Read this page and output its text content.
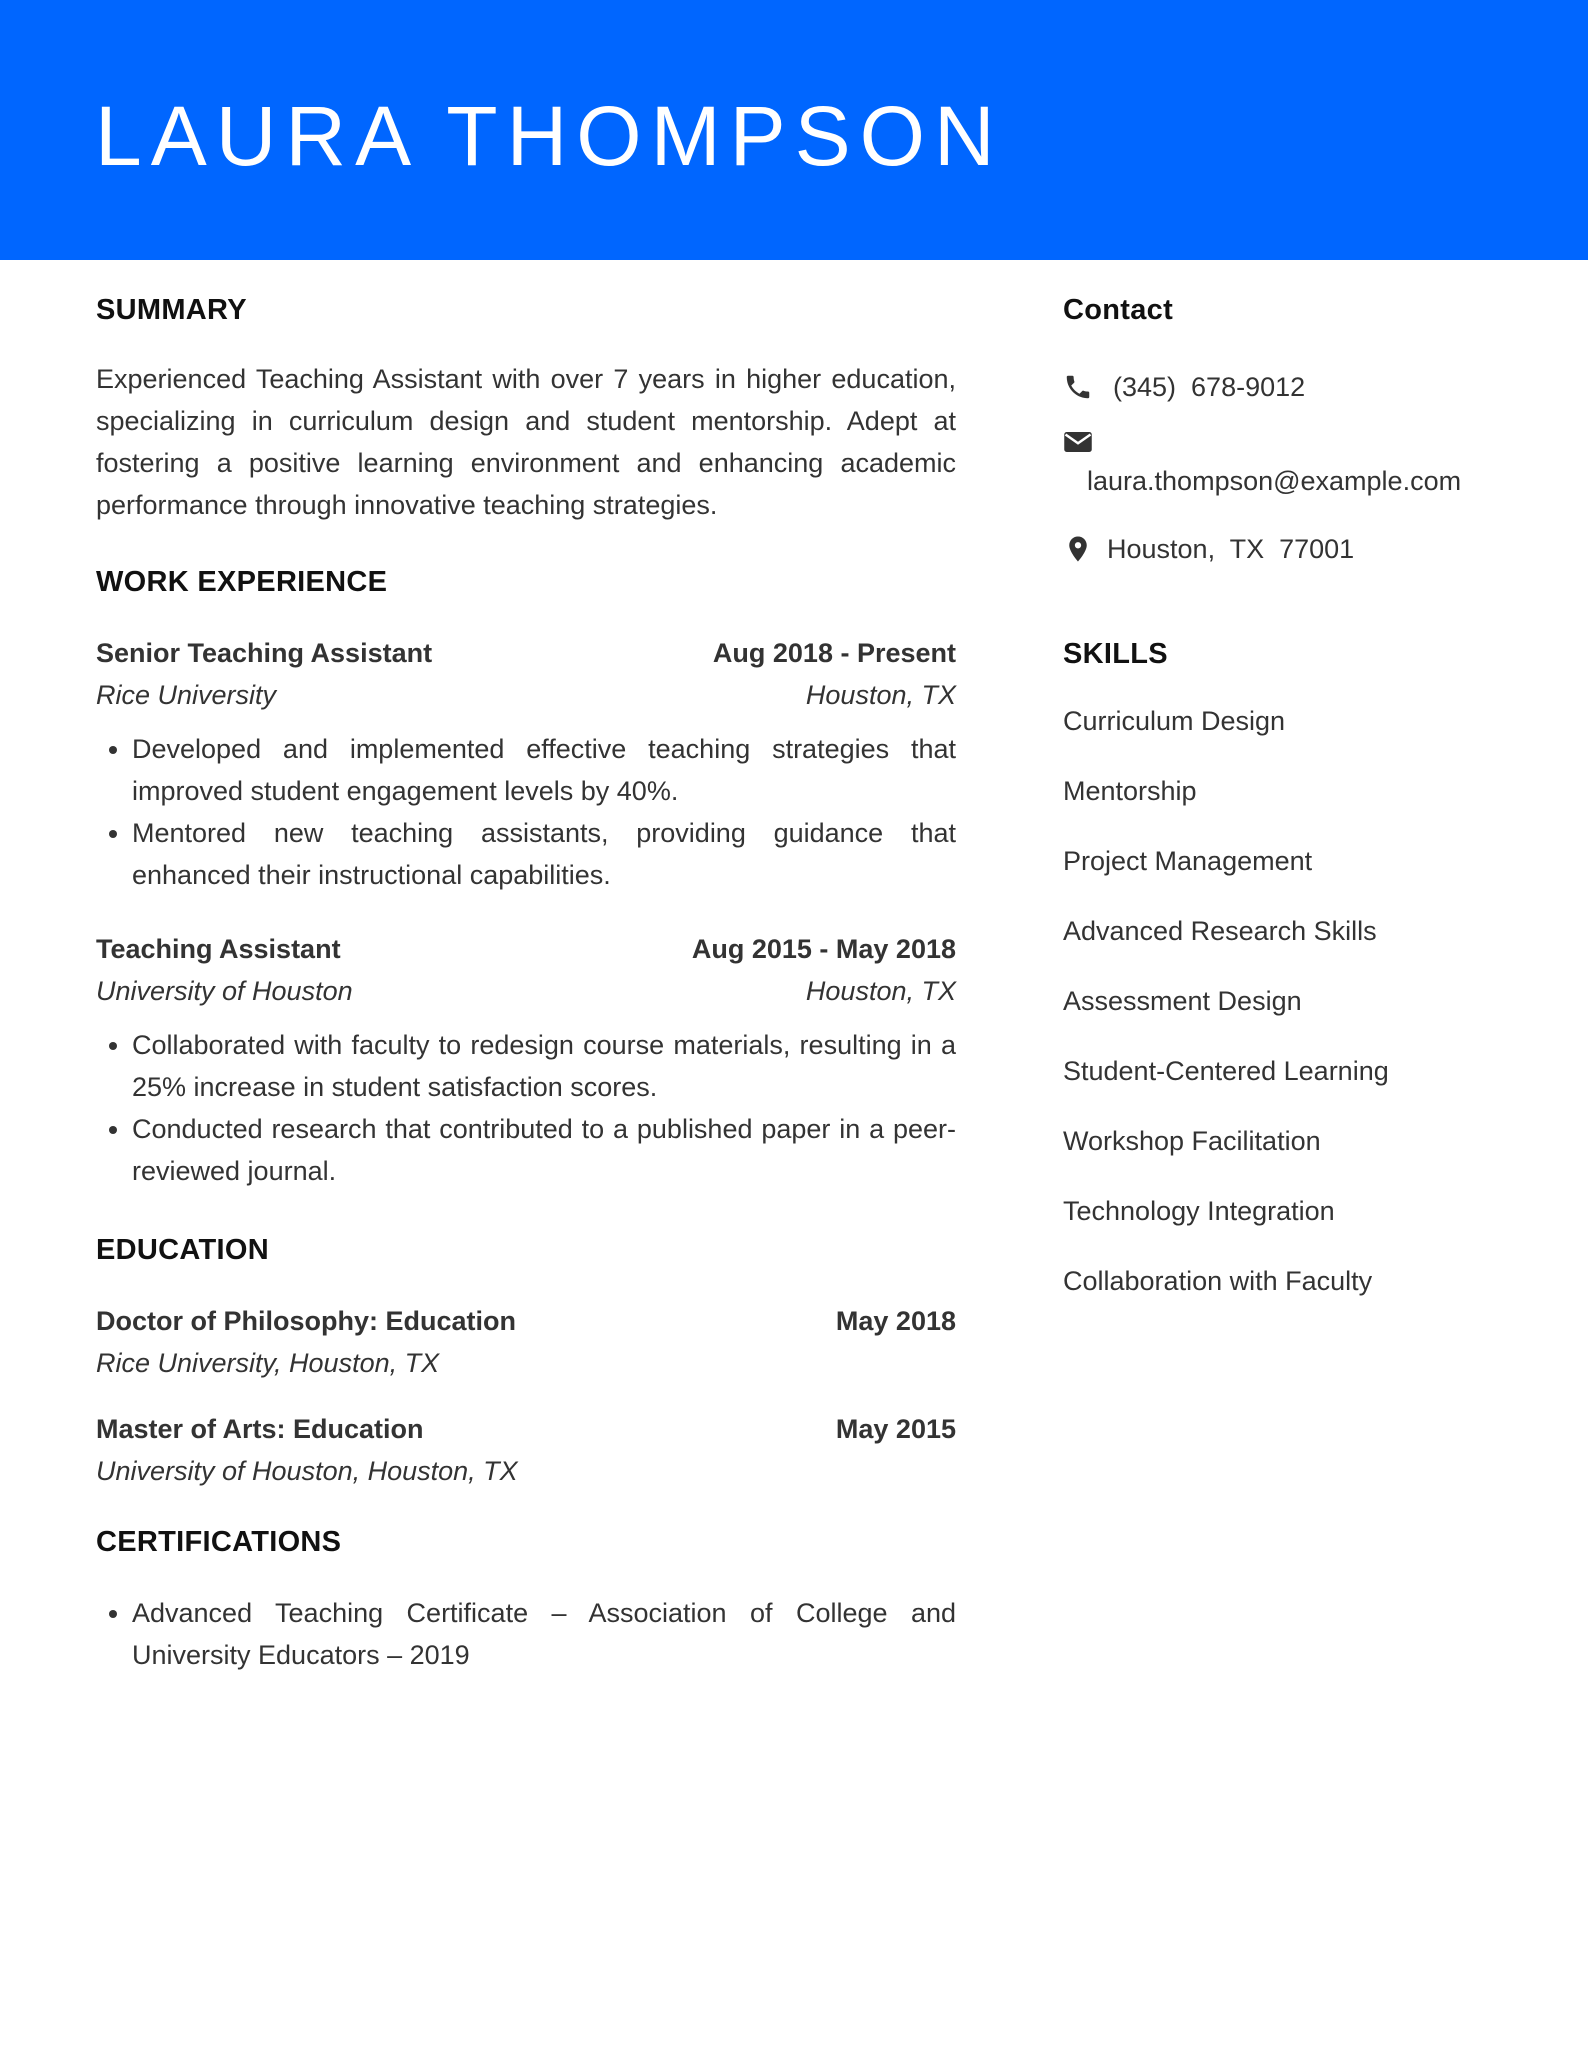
LAURA THOMPSON
SUMMARY

Experienced Teaching Assistant with over 7 years in higher education, specializing in curriculum design and student mentorship. Adept at fostering a positive learning environment and enhancing academic performance through innovative teaching strategies.

WORK EXPERIENCE
Senior Teaching Assistant	Aug 2018 - Present
Rice University	Houston, TX
• Developed and implemented effective teaching strategies that improved student engagement levels by 40%.
• Mentored new teaching assistants, providing guidance that enhanced their instructional capabilities.
Teaching Assistant	Aug 2015 - May 2018
University of Houston	Houston, TX
• Collaborated with faculty to redesign course materials, resulting in a 25% increase in student satisfaction scores.
• Conducted research that contributed to a published paper in a peer-reviewed journal.
EDUCATION
Doctor of Philosophy: Education	May 2018
Rice University, Houston, TX
Master of Arts: Education	May 2015
University of Houston, Houston, TX
CERTIFICATIONS
• Advanced Teaching Certificate – Association of College and University Educators – 2019
Contact
(345)  678-9012
laura.thompson@example.com
Houston,  TX  77001
SKILLS
Curriculum Design
Mentorship
Project Management
Advanced Research Skills
Assessment Design
Student-Centered Learning
Workshop Facilitation
Technology Integration
Collaboration with Faculty
